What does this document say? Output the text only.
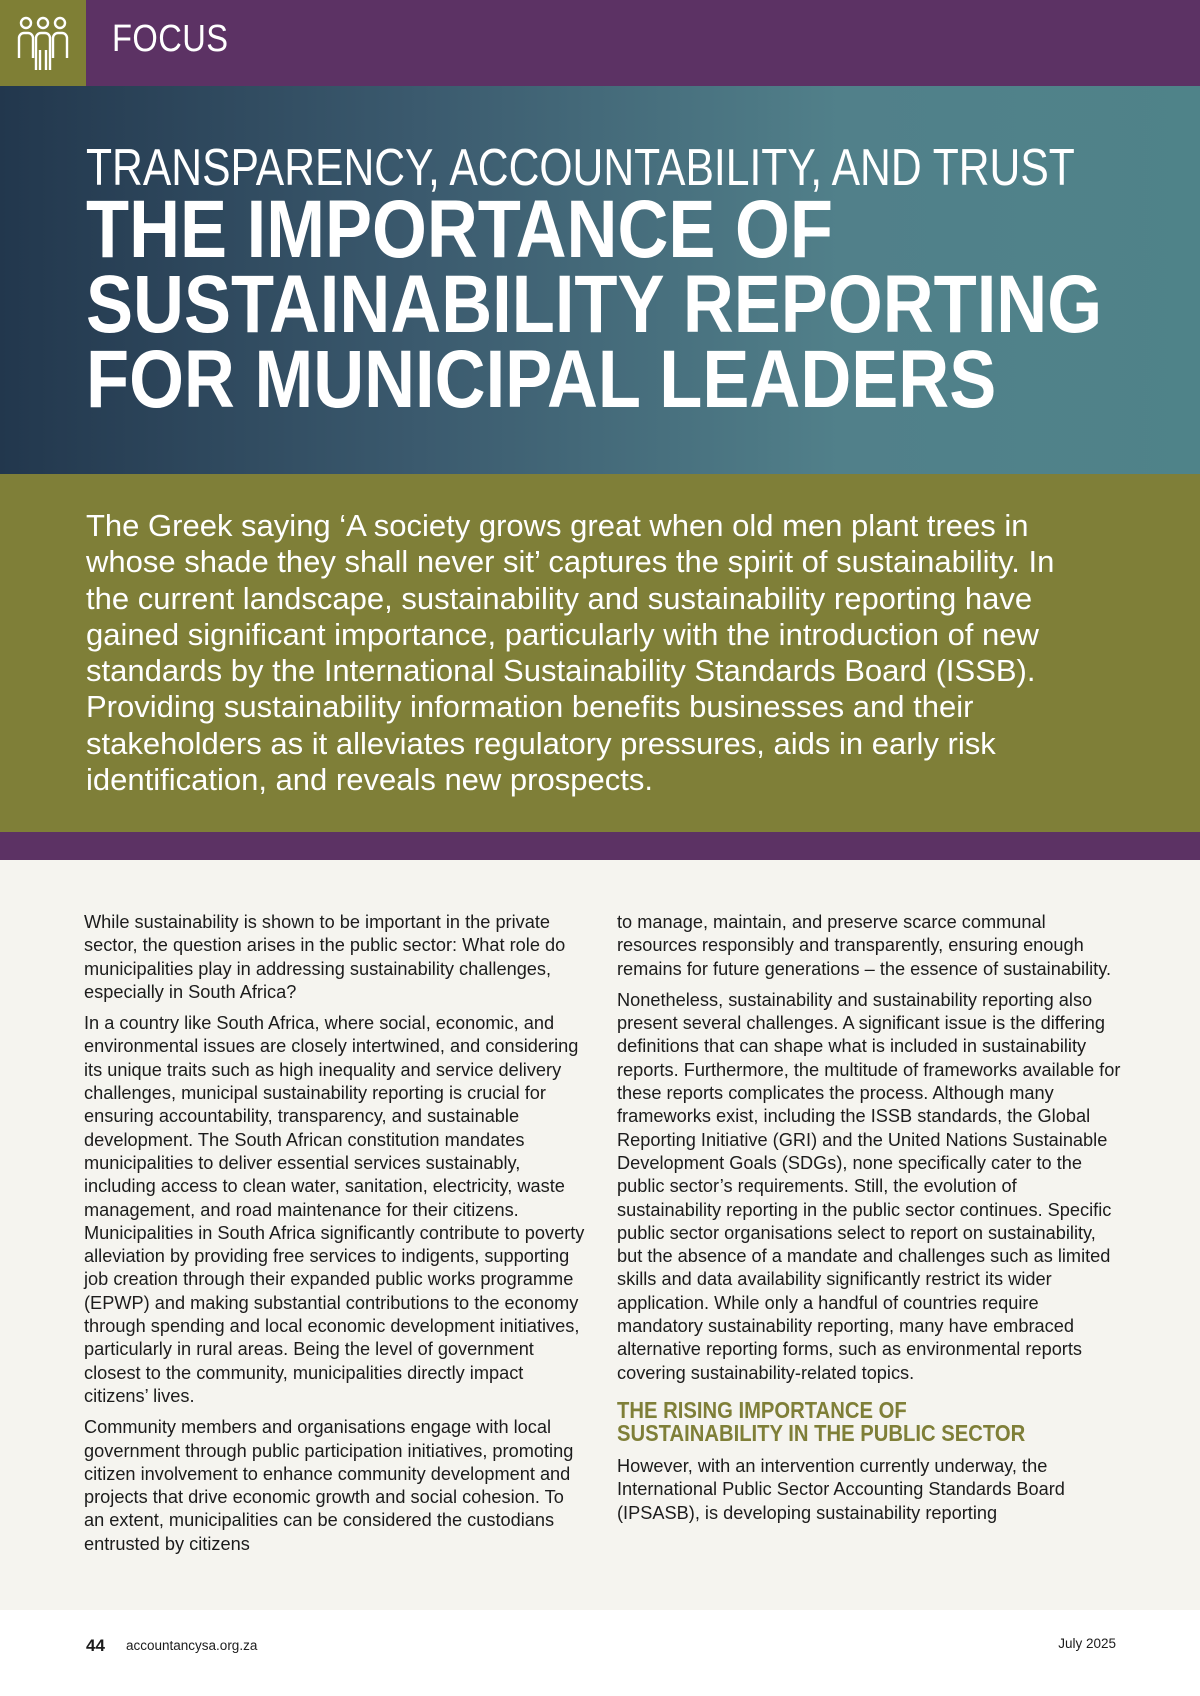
FOCUS
TRANSPARENCY, ACCOUNTABILITY, AND TRUST
THE IMPORTANCE OF
SUSTAINABILITY REPORTING
FOR MUNICIPAL LEADERS

The Greek saying ‘A society grows great when old men plant trees in whose shade they shall never sit’ captures the spirit of sustainability. In the current landscape, sustainability and sustainability reporting have gained significant importance, particularly with the introduction of new standards by the International Sustainability Standards Board (ISSB). Providing sustainability information benefits businesses and their stakeholders as it alleviates regulatory pressures, aids in early risk identification, and reveals new prospects.

While sustainability is shown to be important in the private sector, the question arises in the public sector: What role do municipalities play in addressing sustainability challenges, especially in South Africa?

In a country like South Africa, where social, economic, and environmental issues are closely intertwined, and considering its unique traits such as high inequality and service delivery challenges, municipal sustainability reporting is crucial for ensuring accountability, transparency, and sustainable development. The South African constitution mandates municipalities to deliver essential services sustainably, including access to clean water, sanitation, electricity, waste management, and road maintenance for their citizens. Municipalities in South Africa significantly contribute to poverty alleviation by providing free services to indigents, supporting job creation through their expanded public works programme (EPWP) and making substantial contributions to the economy through spending and local economic development initiatives, particularly in rural areas. Being the level of government closest to the community, municipalities directly impact citizens’ lives.

Community members and organisations engage with local government through public participation initiatives, promoting citizen involvement to enhance community development and projects that drive economic growth and social cohesion. To an extent, municipalities can be considered the custodians entrusted by citizens

to manage, maintain, and preserve scarce communal resources responsibly and transparently, ensuring enough remains for future generations – the essence of sustainability.

Nonetheless, sustainability and sustainability reporting also present several challenges. A significant issue is the differing definitions that can shape what is included in sustainability reports. Furthermore, the multitude of frameworks available for these reports complicates the process. Although many frameworks exist, including the ISSB standards, the Global Reporting Initiative (GRI) and the United Nations Sustainable Development Goals (SDGs), none specifically cater to the public sector’s requirements. Still, the evolution of sustainability reporting in the public sector continues. Specific public sector organisations select to report on sustainability, but the absence of a mandate and challenges such as limited skills and data availability significantly restrict its wider application. While only a handful of countries require mandatory sustainability reporting, many have embraced alternative reporting forms, such as environmental reports covering sustainability-related topics.

THE RISING IMPORTANCE OF
SUSTAINABILITY IN THE PUBLIC SECTOR

However, with an intervention currently underway, the International Public Sector Accounting Standards Board (IPSASB), is developing sustainability reporting

44 accountancysa.org.za	July 2025
